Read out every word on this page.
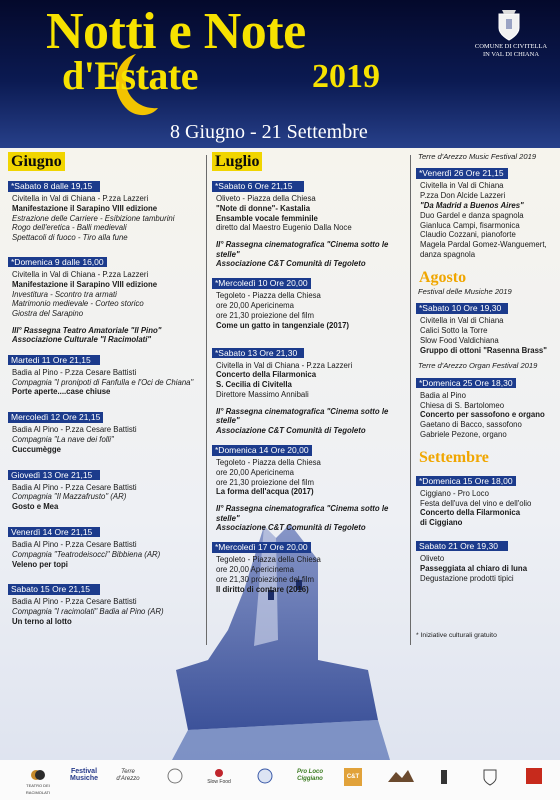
Notti e Note
d'Estate	2019
COMUNE DI CIVITELLA
IN VAL DI CHIANA
8 Giugno - 21 Settembre
Giugno
*Sabato 8 dalle 19,15
Civitella in Val di Chiana - P.zza Lazzeri
Manifestazione il Sarapino VIII edizione
Estrazione delle Carriere - Esibizione tamburini
Rogo dell'eretica - Balli medievali
Spettacoli di fuoco - Tiro alla fune
*Domenica 9 dalle 16,00
Civitella in Val di Chiana - P.zza Lazzeri
Manifestazione il Sarapino VIII edizione
Investitura - Scontro tra armati
Matrimonio medievale - Corteo storico
Giostra del Sarapino
III° Rassegna Teatro Amatoriale "Il Pino"
Associazione Culturale "I Racimolati"
Martedi 11 Ore 21,15
Badia al Pino - P.zza Cesare Battisti
Compagnia "I pronipoti di Fanfulla e l'Oci de Chiana"
Porte aperte....case chiuse
Mercoledì 12 Ore 21,15
Badia Al Pino - P.zza Cesare Battisti
Compagnia "La nave dei folli"
Cuccumègge
Giovedì 13 Ore 21,15
Badia Al Pino - P.zza Cesare Battisti
Compagnia "Il Mazzafrusto" (AR)
Gosto e Mea
Venerdì 14 Ore 21,15
Badia Al Pino - P.zza Cesare Battisti
Compagnia "Teatrodeisocci" Bibbiena (AR)
Veleno per topi
Sabato 15 Ore 21,15
Badia Al Pino - P.zza Cesare Battisti
Compagnia "I racimolati" Badia al Pino (AR)
Un terno al lotto
Luglio
*Sabato 6 Ore 21,15
Oliveto - Piazza della Chiesa
"Note di donne"- Kastalia
Ensamble vocale femminile
diretto dal Maestro Eugenio Dalla Noce
II° Rassegna cinematografica "Cinema sotto le stelle"
Associazione C&T Comunità di Tegoleto
*Mercoledì 10 Ore 20,00
Tegoleto - Piazza della Chiesa
ore 20,00 Apericinema
ore 21,30 proiezione del film
Come un gatto in tangenziale (2017)
*Sabato 13 Ore 21,30
Civitella in Val di Chiana - P.zza Lazzeri
Concerto della Filarmonica
S. Cecilia di Civitella
Direttore Massimo Annibali
II° Rassegna cinematografica "Cinema sotto le stelle"
Associazione C&T Comunità di Tegoleto
*Domenica 14 Ore 20,00
Tegoleto - Piazza della Chiesa
ore 20,00 Apericinema
ore 21,30 proiezione del film
La forma dell'acqua (2017)
II° Rassegna cinematografica "Cinema sotto le stelle"
Associazione C&T Comunità di Tegoleto
*Mercoledì 17 Ore 20,00
Tegoleto - Piazza della Chiesa
ore 20,00 Apericinema
ore 21,30 proiezione del film
Il diritto di contare (2016)
Terre d'Arezzo Music Festival 2019
*Venerdì 26 Ore 21,15
Civitella in Val di Chiana
P.zza Don Alcide Lazzeri
"Da Madrid a Buenos Aires"
Duo Gardel e danza spagnola
Gianluca Campi, fisarmonica
Claudio Cozzani, pianoforte
Magela Pardal Gomez-Wanguemert,
danza spagnola
Agosto
Festival delle Musiche 2019
*Sabato 10 Ore 19,30
Civitella in Val di Chiana
Calici Sotto la Torre
Slow Food Valdichiana
Gruppo di ottoni "Rasenna Brass"
Terre d'Arezzo Organ Festival 2019
*Domenica 25 Ore 18,30
Badia al Pino
Chiesa di S. Bartolomeo
Concerto per sassofono e organo
Gaetano di Bacco, sassofono
Gabriele Pezone, organo
Settembre
*Domenica 15 Ore 18,00
Ciggiano - Pro Loco
Festa dell'uva del vino e dell'olio
Concerto della Filarmonica
di Ciggiano
Sabato 21 Ore 19,30
Oliveto
Passeggiata al chiaro di luna
Degustazione prodotti tipici
* Iniziative culturali gratuito
TEATRO DEI RACIMOLATI
Festival Musiche
Terre d'Arezzo	Slow Food
Pro Loco Ciggiano	C&T
